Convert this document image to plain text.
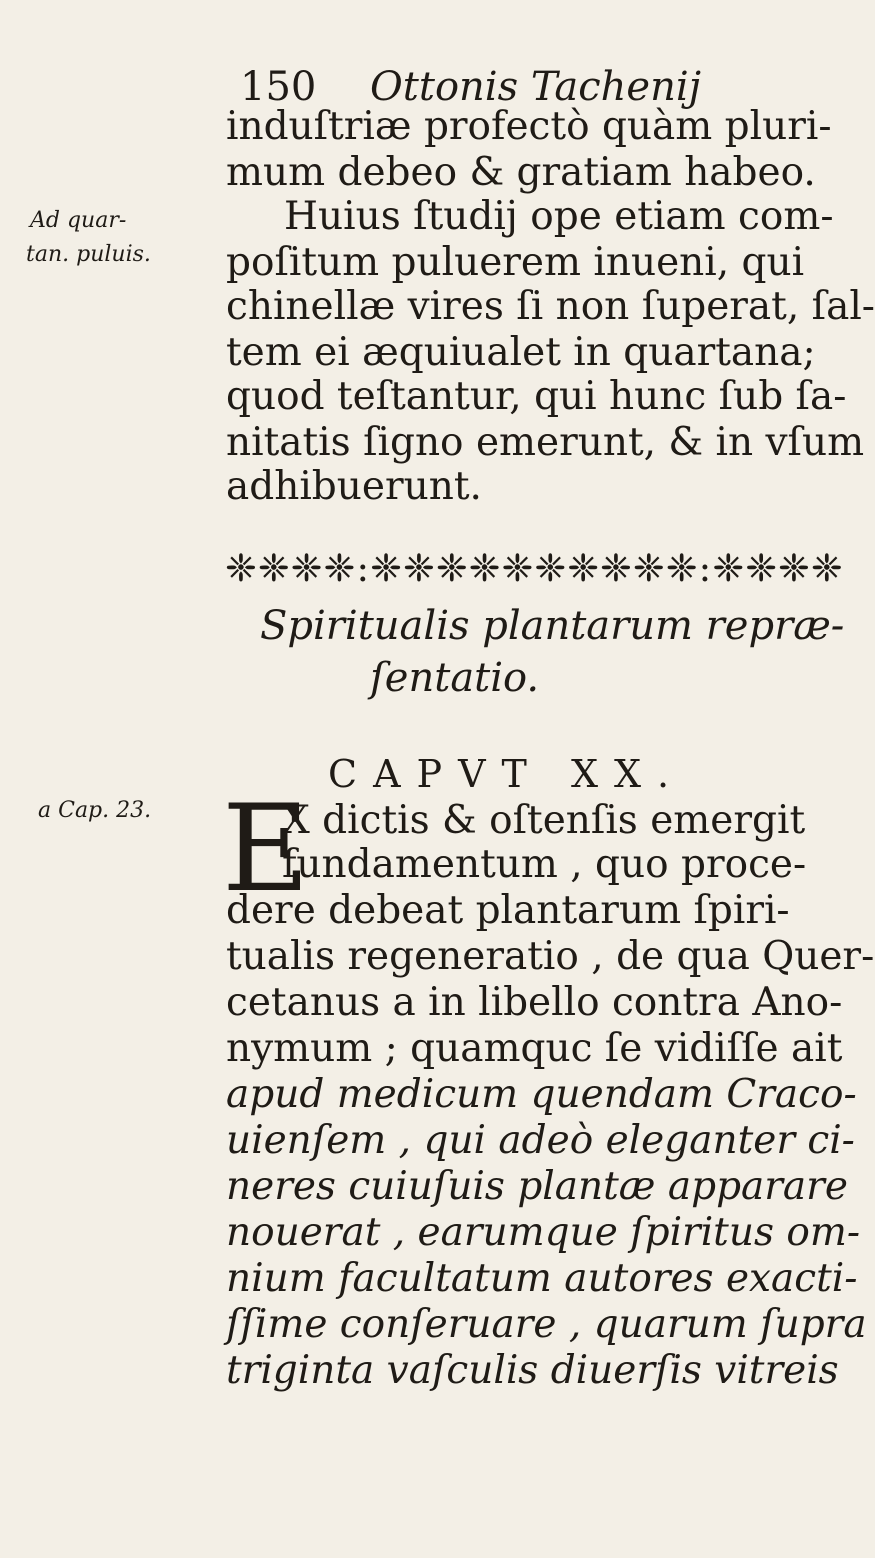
150 Ottonis Tachenij
induſtriæ profectò quàm pluri-
mum debeo & gratiam habeo.
Huius ſtudij ope etiam com-
poſitum puluerem inueni, qui
chinellæ vires ſi non ſuperat, ſal-
tem ei æquiualet in quartana;
quod teſtantur, qui hunc ſub ſa-
nitatis ſigno emerunt, & in vſum
adhibuerunt.
Ad quar-
tan. puluis.
a Cap. 23.
❈❈❈❈:❈❈❈❈❈❈❈❈❈❈:❈❈❈❈
Spiritualis plantarum repræ-
ſentatio.
CAPVT XX.
E
X dictis & oſtenſis emergit
fundamentum , quo proce-
dere debeat plantarum ſpiri-
tualis regeneratio , de qua Quer-
cetanus a in libello contra Ano-
nymum ; quamquc ſe vidiſſe ait
apud medicum quendam Craco-
uienſem , qui adeò eleganter ci-
neres cuiuſuis plantæ apparare
nouerat , earumque ſpiritus om-
nium facultatum autores exacti-
ſſime conſeruare , quarum ſupra
triginta vaſculis diuerſis vitreis
